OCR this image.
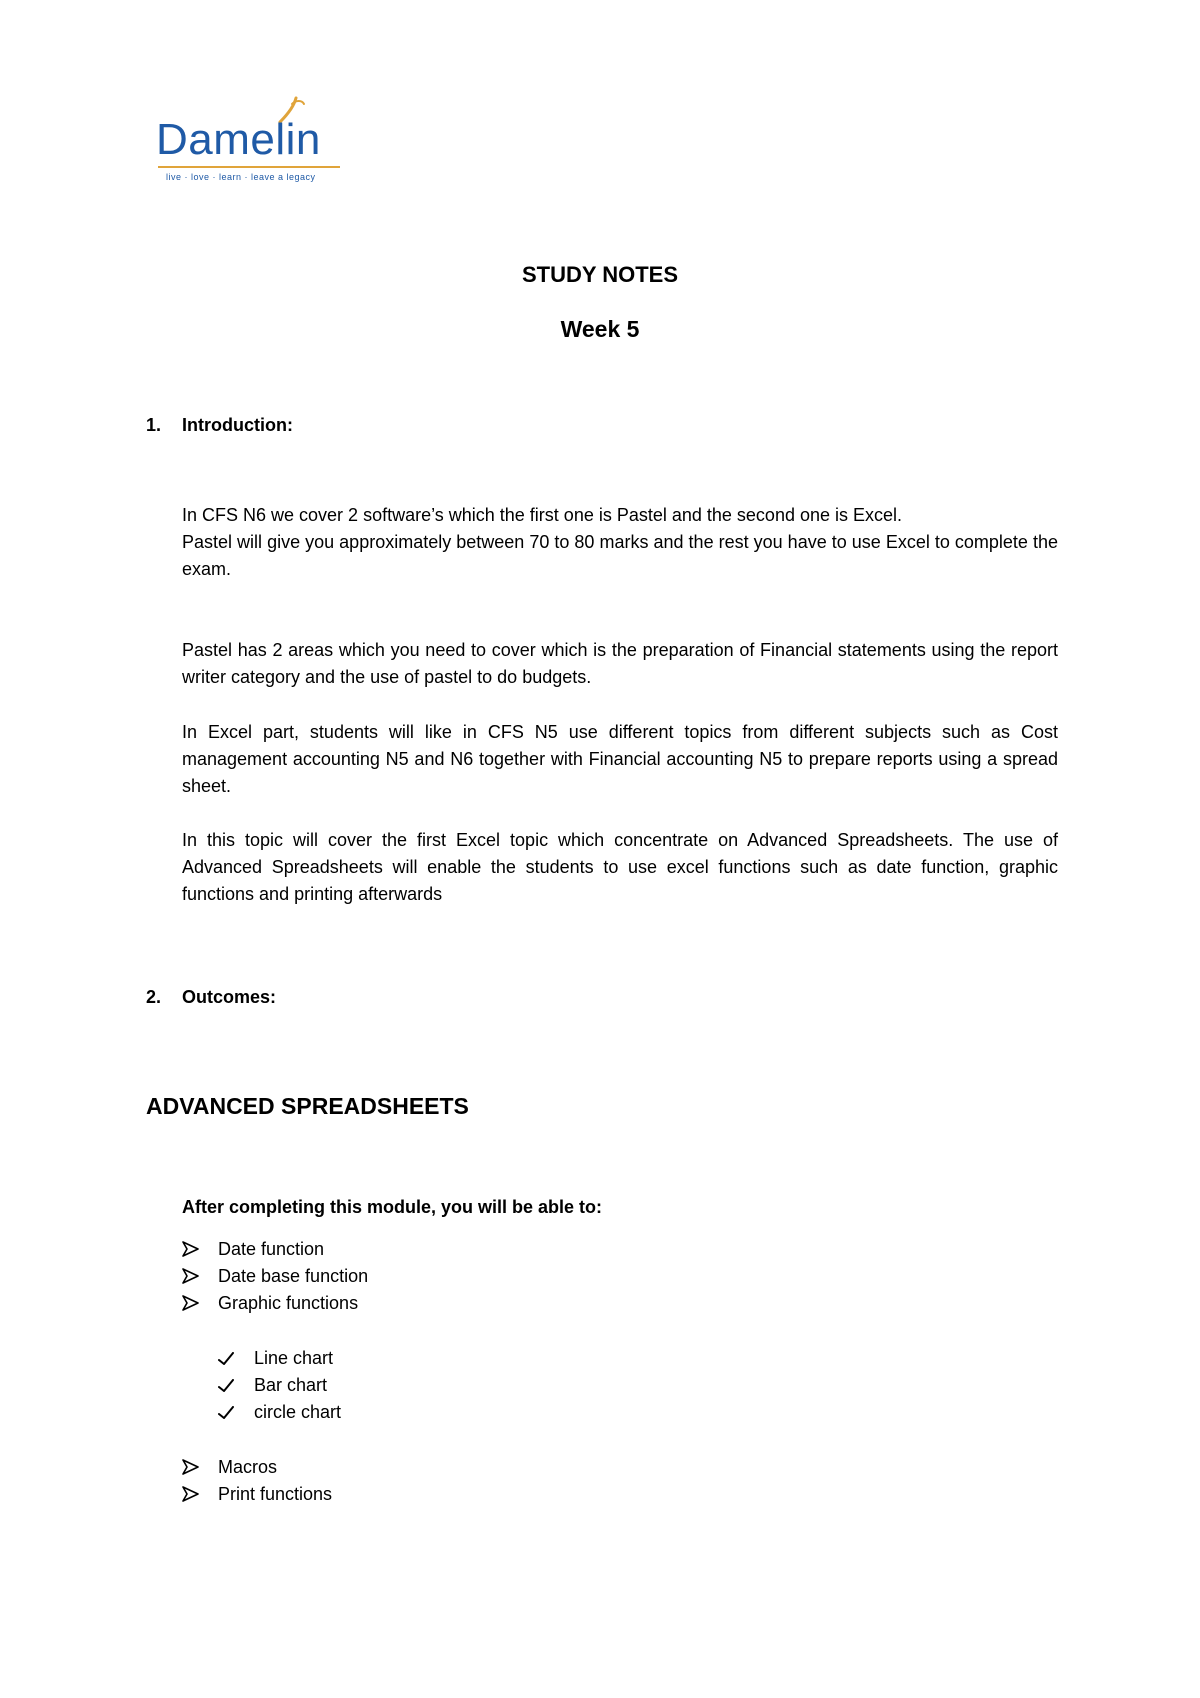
Damelin
live · love · learn · leave a legacy
STUDY NOTES
Week 5
1. Introduction:
In CFS N6 we cover 2 software’s which the first one is Pastel and the second one is Excel.
Pastel will give you approximately between 70 to 80 marks and the rest you have to use Excel to complete the exam.
Pastel has 2 areas which you need to cover which is the preparation of Financial statements using the report writer category and the use of pastel to do budgets.
In Excel part, students will like in CFS N5 use different topics from different subjects such as Cost management accounting N5 and N6 together with Financial accounting N5 to prepare reports using a spread sheet.
In this topic will cover the first Excel topic which concentrate on Advanced Spreadsheets. The use of Advanced Spreadsheets will enable the students to use excel functions such as date function, graphic functions and printing afterwards
2. Outcomes:
ADVANCED SPREADSHEETS
After completing this module, you will be able to:
Date function
Date base function
Graphic functions
Line chart
Bar chart
circle chart
Macros
Print functions
